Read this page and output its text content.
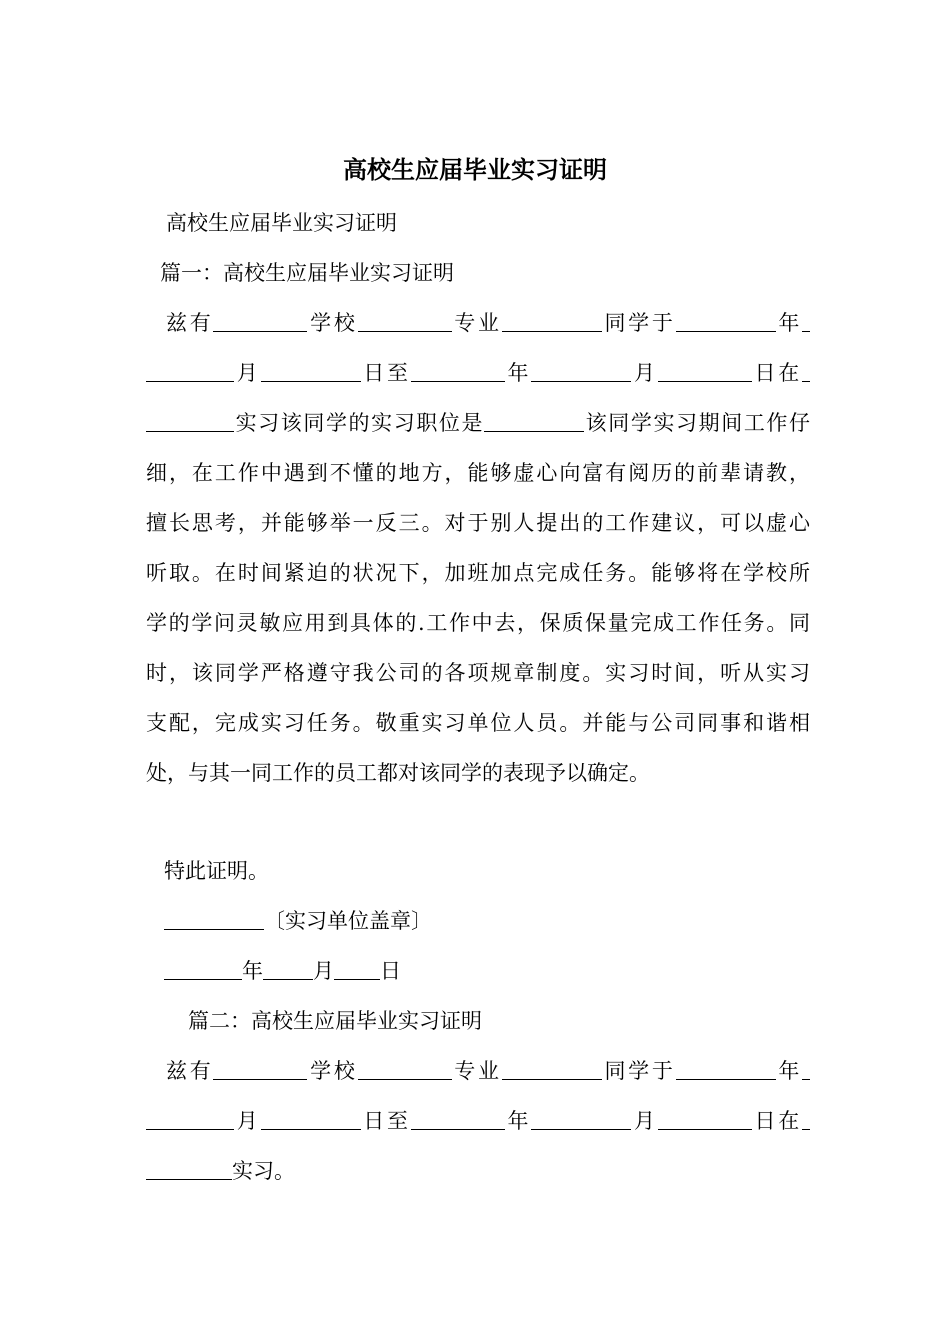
高校生应届毕业实习证明
高校生应届毕业实习证明
篇一：高校生应届毕业实习证明
兹有	学校	专业	同学于	年
月	日至	年	月	日在
实习该同学的实习职位是	该同学实习期间工作仔
细，在工作中遇到不懂的地方，能够虚心向富有阅历的前辈请教，
擅长思考，并能够举一反三。对于别人提出的工作建议，可以虚心
听取。在时间紧迫的状况下，加班加点完成任务。能够将在学校所
学的学问灵敏应用到具体的.工作中去，保质保量完成工作任务。同
时，该同学严格遵守我公司的各项规章制度。实习时间，听从实习
支配，完成实习任务。敬重实习单位人员。并能与公司同事和谐相
处，与其一同工作的员工都对该同学的表现予以确定。
特此证明。
〔实习单位盖章〕
年 月 日
篇二：高校生应届毕业实习证明
兹有	学校	专业	同学于	年
月	日至	年	月	日在
实习。
